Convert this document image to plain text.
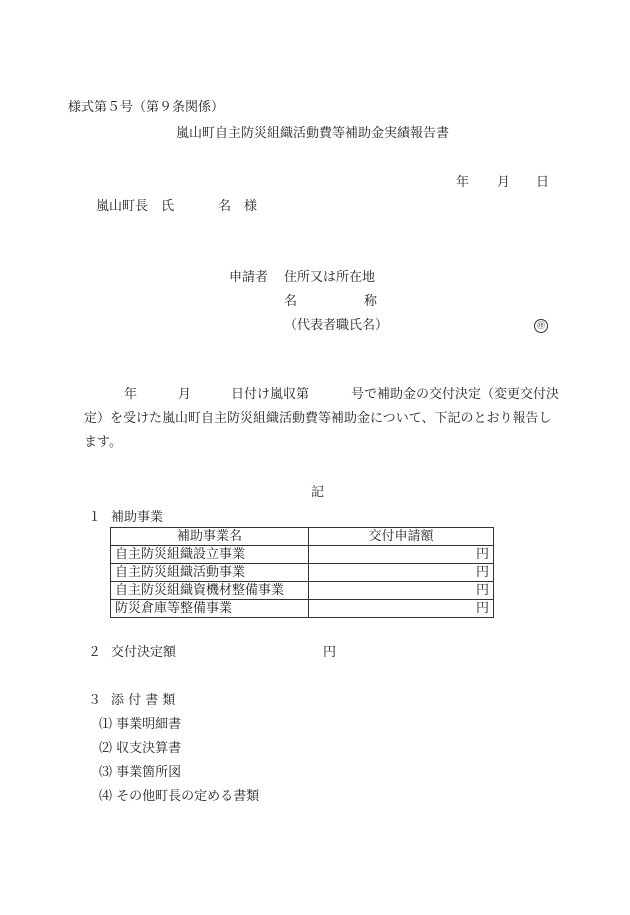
様式第５号（第９条関係）
嵐山町自主防災組織活動費等補助金実績報告書
年 月 日
嵐山町長　氏	名　様
申請者 住所又は所在地
名	称
（代表者職氏名）	㊞
年	月	日付け嵐収第	号で補助金の交付決定（変更交付決
定）を受けた嵐山町自主防災組織活動費等補助金について、下記のとおり報告し
ます。
記
１ 補助事業
補助事業名	交付申請額
自主防災組織設立事業	円
自主防災組織活動事業	円
自主防災組織資機材整備事業	円
防災倉庫等整備事業	円
２ 交付決定額	円
３ 添 付 書 類
⑴ 事業明細書
⑵ 収支決算書
⑶ 事業箇所図
⑷ その他町長の定める書類
